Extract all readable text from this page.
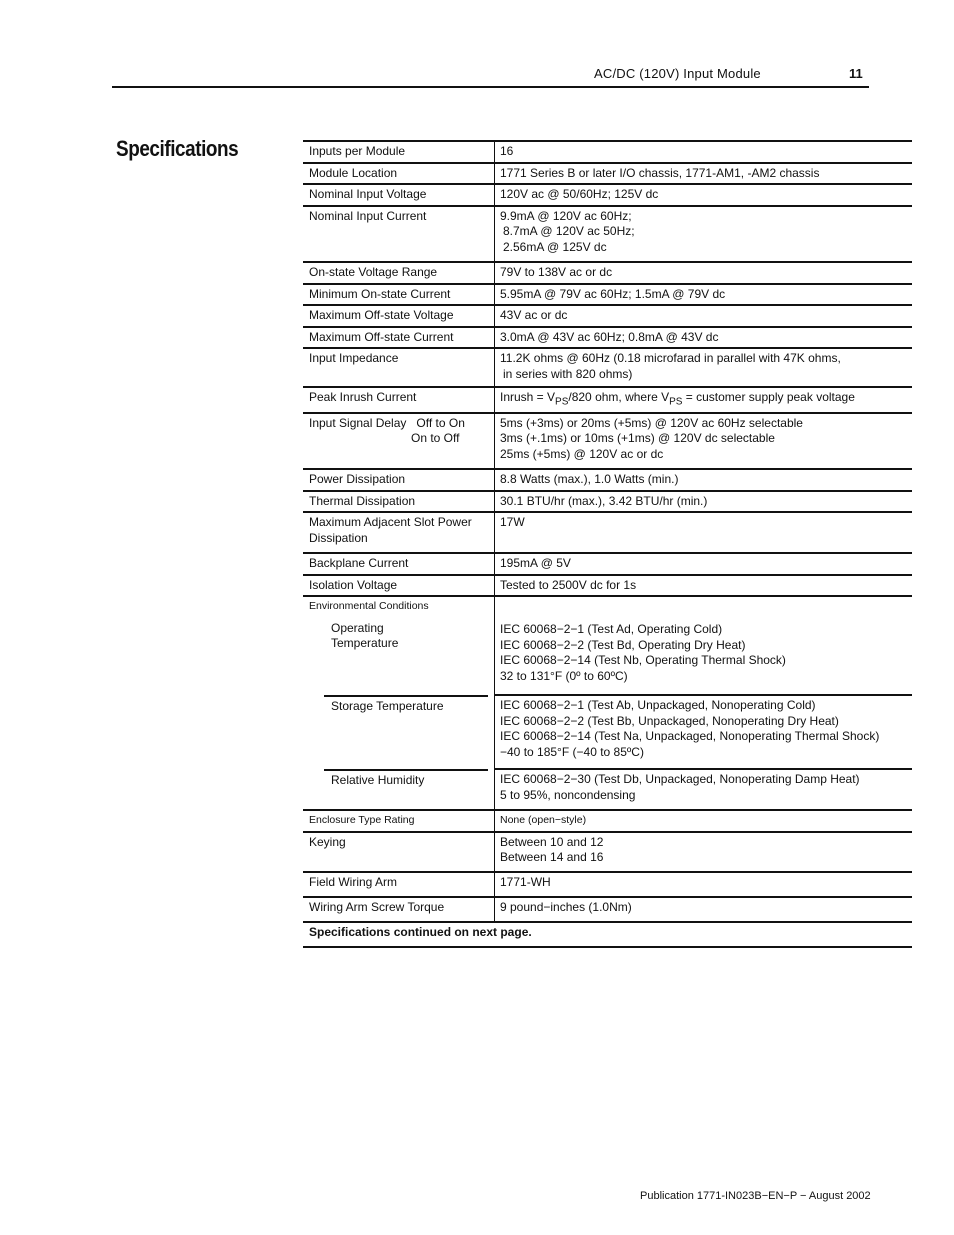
AC/DC (120V) Input Module	11
Specifications	Inputs per Module	16
Module Location	1771 Series B or later I/O chassis, 1771-AM1, -AM2 chassis
Nominal Input Voltage	120V ac @ 50/60Hz; 125V dc
Nominal Input Current	9.9mA @ 120V ac 60Hz;
8.7mA @ 120V ac 50Hz;
2.56mA @ 125V dc

On-state Voltage Range	79V to 138V ac or dc
Minimum On-state Current	5.95mA @ 79V ac 60Hz; 1.5mA @ 79V dc
Maximum Off-state Voltage	43V ac or dc
Maximum Off-state Current	3.0mA @ 43V ac 60Hz; 0.8mA @ 43V dc
Input Impedance	11.2K ohms @ 60Hz (0.18 microfarad in parallel with 47K ohms,
in series with 820 ohms)

Peak Inrush Current	Inrush = $V_{PS}/820$ ohm, where $V_{PS}$ = customer supply peak voltage

Input Signal Delay   Off to On
On to Off	5ms (+3ms) or 20ms (+5ms) @ 120V ac 60Hz selectable
3ms (+.1ms) or 10ms (+1ms) @ 120V dc selectable
25ms (+5ms) @ 120V ac or dc

Power Dissipation	8.8 Watts (max.), 1.0 Watts (min.)
Thermal Dissipation	30.1 BTU/hr (max.), 3.42 BTU/hr (min.)

Maximum Adjacent Slot Power
Dissipation	17W
Backplane Current	195mA @ 5V
Isolation Voltage	Tested to 2500V dc for 1s

Environmental Conditions
Operating
Temperature	IEC 60068−2−1 (Test Ad, Operating Cold)
IEC 60068−2−2 (Test Bd, Operating Dry Heat)
IEC 60068−2−14 (Test Nb, Operating Thermal Shock)
32 to 131°F (0º to 60ºC)

Storage Temperature	IEC 60068−2−1 (Test Ab, Unpackaged, Nonoperating Cold)
IEC 60068−2−2 (Test Bb, Unpackaged, Nonoperating Dry Heat)
IEC 60068−2−14 (Test Na, Unpackaged, Nonoperating Thermal Shock)
−40 to 185°F (−40 to 85ºC)

Relative Humidity	IEC 60068−2−30 (Test Db, Unpackaged, Nonoperating Damp Heat)
5 to 95%, noncondensing

Enclosure Type Rating	None (open−style)
Keying	Between 10 and 12
Between 14 and 16

Field Wiring Arm	1771-WH
Wiring Arm Screw Torque	9 pound−inches (1.0Nm)
Specifications continued on next page.	
Publication 1771-IN023B−EN−P − August 2002
